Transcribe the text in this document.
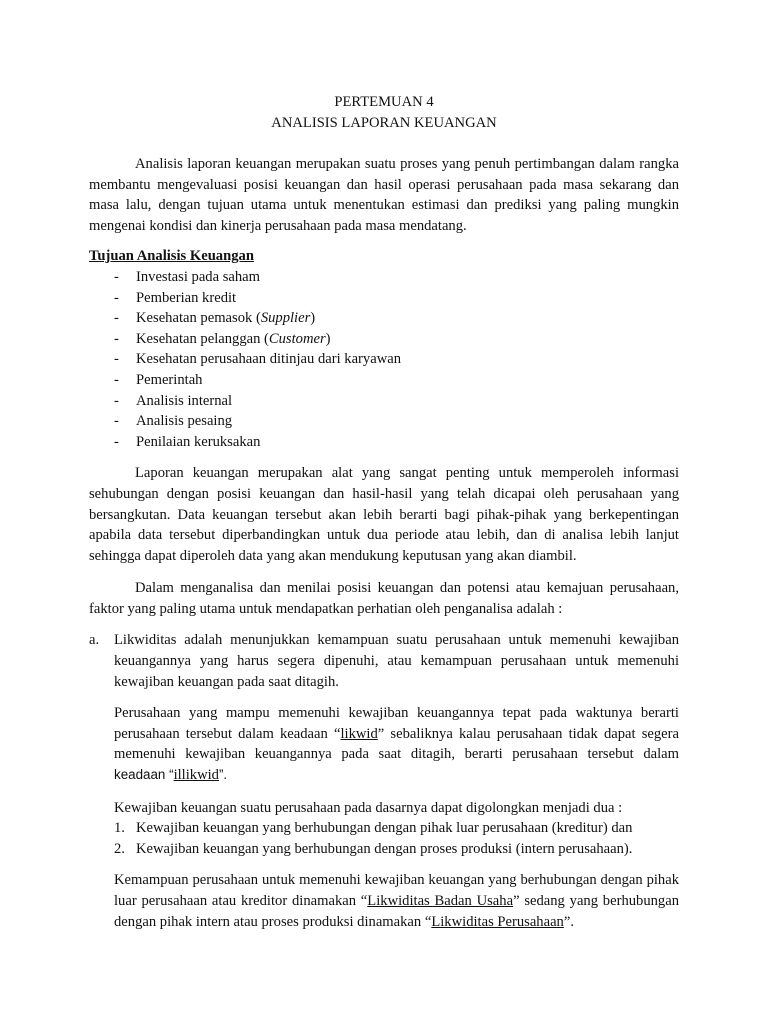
PERTEMUAN 4
ANALISIS LAPORAN KEUANGAN

Analisis laporan keuangan merupakan suatu proses yang penuh pertimbangan dalam rangka membantu mengevaluasi posisi keuangan dan hasil operasi perusahaan pada masa sekarang dan masa lalu, dengan tujuan utama untuk menentukan estimasi dan prediksi yang paling mungkin mengenai kondisi dan kinerja perusahaan pada masa mendatang.

Tujuan Analisis Keuangan

- Investasi pada saham
- Pemberian kredit
- Kesehatan pemasok (Supplier)
- Kesehatan pelanggan (Customer)
- Kesehatan perusahaan ditinjau dari karyawan
- Pemerintah
- Analisis internal
- Analisis pesaing
- Penilaian keruksakan

Laporan keuangan merupakan alat yang sangat penting untuk memperoleh informasi sehubungan dengan posisi keuangan dan hasil-hasil yang telah dicapai oleh perusahaan yang bersangkutan. Data keuangan tersebut akan lebih berarti bagi pihak-pihak yang berkepentingan apabila data tersebut diperbandingkan untuk dua periode atau lebih, dan di analisa lebih lanjut sehingga dapat diperoleh data yang akan mendukung keputusan yang akan diambil.

Dalam menganalisa dan menilai posisi keuangan dan potensi atau kemajuan perusahaan, faktor yang paling utama untuk mendapatkan perhatian oleh penganalisa adalah :

a. Likwiditas adalah menunjukkan kemampuan suatu perusahaan untuk memenuhi kewajiban keuangannya yang harus segera dipenuhi, atau kemampuan perusahaan untuk memenuhi kewajiban keuangan pada saat ditagih.

Perusahaan yang mampu memenuhi kewajiban keuangannya tepat pada waktunya berarti perusahaan tersebut dalam keadaan “likwid” sebaliknya kalau perusahaan tidak dapat segera memenuhi kewajiban keuangannya pada saat ditagih, berarti perusahaan tersebut dalam keadaan “illikwid”.

Kewajiban keuangan suatu perusahaan pada dasarnya dapat digolongkan menjadi dua :

1. Kewajiban keuangan yang berhubungan dengan pihak luar perusahaan (kreditur) dan

2. Kewajiban keuangan yang berhubungan dengan proses produksi (intern perusahaan).

Kemampuan perusahaan untuk memenuhi kewajiban keuangan yang berhubungan dengan pihak luar perusahaan atau kreditor dinamakan “Likwiditas Badan Usaha” sedang yang berhubungan dengan pihak intern atau proses produksi dinamakan “Likwiditas Perusahaan”.
